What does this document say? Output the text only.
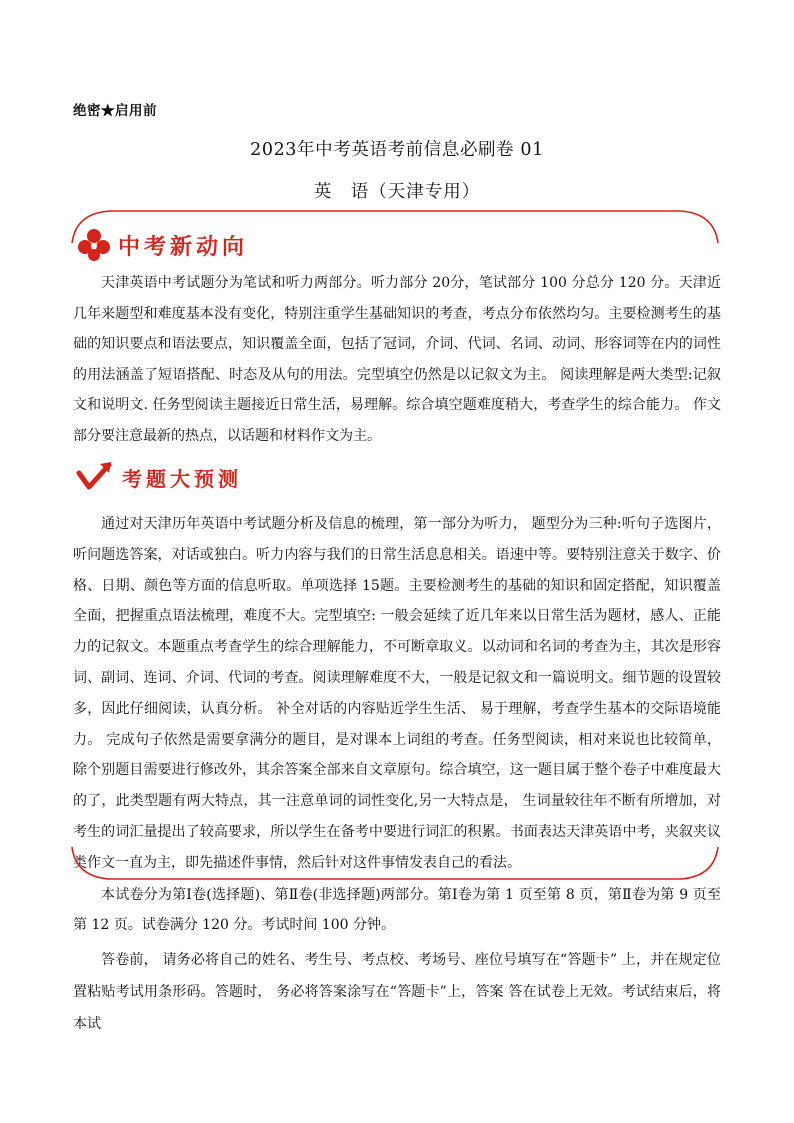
绝密★启用前
2023年中考英语考前信息必刷卷 01
英　语（天津专用）
中考新动向
天津英语中考试题分为笔试和听力两部分。听力部分 20分，笔试部分 100 分总分 120 分。天津近几年来题型和难度基本没有变化，特别注重学生基础知识的考查，考点分布依然均匀。主要检测考生的基础的知识要点和语法要点，知识覆盖全面，包括了冠词，介词、代词、名词、动词、形容词等在内的词性的用法涵盖了短语搭配、时态及从句的用法。完型填空仍然是以记叙文为主。 阅读理解是两大类型:记叙文和说明文. 任务型阅读主题接近日常生活，易理解。综合填空题难度稍大，考查学生的综合能力。 作文部分要注意最新的热点，以话题和材料作文为主。
考题大预测
通过对天津历年英语中考试题分析及信息的梳理，第一部分为听力， 题型分为三种:听句子选图片，听问题选答案，对话或独白。听力内容与我们的日常生活息息相关。语速中等。要特别注意关于数字、价格、日期、颜色等方面的信息听取。单项选择 15题。主要检测考生的基础的知识和固定搭配，知识覆盖全面，把握重点语法梳理，难度不大。完型填空: 一般会延续了近几年来以日常生活为题材，感人、正能力的记叙文。本题重点考查学生的综合理解能力，不可断章取义。以动词和名词的考查为主，其次是形容词、副词、连词、介词、代词的考查。阅读理解难度不大，一般是记叙文和一篇说明文。细节题的设置较多，因此仔细阅读，认真分析。 补全对话的内容贴近学生生活、 易于理解，考查学生基本的交际语境能力。 完成句子依然是需要拿满分的题目，是对课本上词组的考查。任务型阅读，相对来说也比较简单，除个别题目需要进行修改外，其余答案全部来自文章原句。综合填空，这一题目属于整个卷子中难度最大的了，此类型题有两大特点，其一注意单词的词性变化,另一大特点是， 生词量较往年不断有所增加，对考生的词汇量提出了较高要求，所以学生在备考中要进行词汇的积累。书面表达天津英语中考，夹叙夹议类作文一直为主，即先描述件事情，然后针对这件事情发表自己的看法。
本试卷分为第Ⅰ卷(选择题)、第Ⅱ卷(非选择题)两部分。第Ⅰ卷为第 1 页至第 8 页，第Ⅱ卷为第 9 页至第 12 页。试卷满分 120 分。考试时间 100 分钟。
答卷前， 请务必将自己的姓名、考生号、考点校、考场号、座位号填写在“答题卡” 上，并在规定位置粘贴考试用条形码。答题时， 务必将答案涂写在“答题卡”上，答案 答在试卷上无效。考试结束后，将本试
